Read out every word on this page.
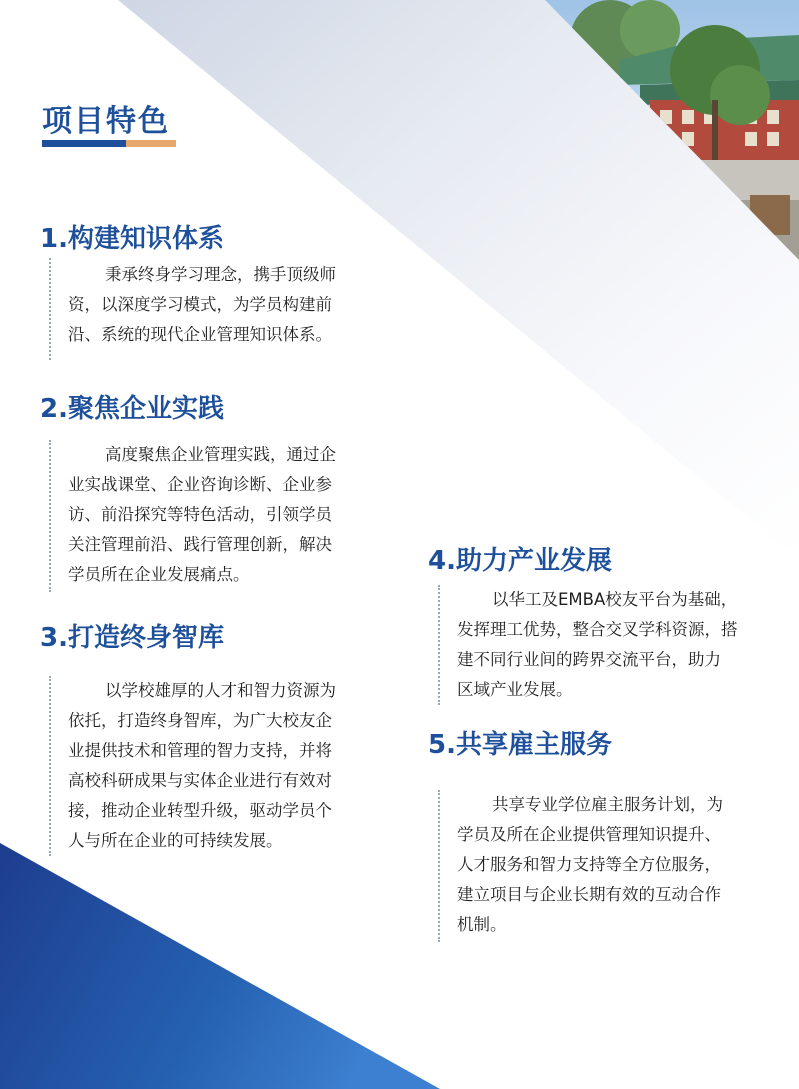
项目特色
1.构建知识体系
秉承终身学习理念，携手顶级师
资，以深度学习模式，为学员构建前
沿、系统的现代企业管理知识体系。
2.聚焦企业实践
高度聚焦企业管理实践，通过企
业实战课堂、企业咨询诊断、企业参
访、前沿探究等特色活动，引领学员
关注管理前沿、践行管理创新，解决
学员所在企业发展痛点。
3.打造终身智库
以学校雄厚的人才和智力资源为
依托，打造终身智库，为广大校友企
业提供技术和管理的智力支持，并将
高校科研成果与实体企业进行有效对
接，推动企业转型升级，驱动学员个
人与所在企业的可持续发展。
4.助力产业发展
以华工及EMBA校友平台为基础，
发挥理工优势，整合交叉学科资源，搭
建不同行业间的跨界交流平台，助力
区域产业发展。
5.共享雇主服务
共享专业学位雇主服务计划，为
学员及所在企业提供管理知识提升、
人才服务和智力支持等全方位服务，
建立项目与企业长期有效的互动合作
机制。
